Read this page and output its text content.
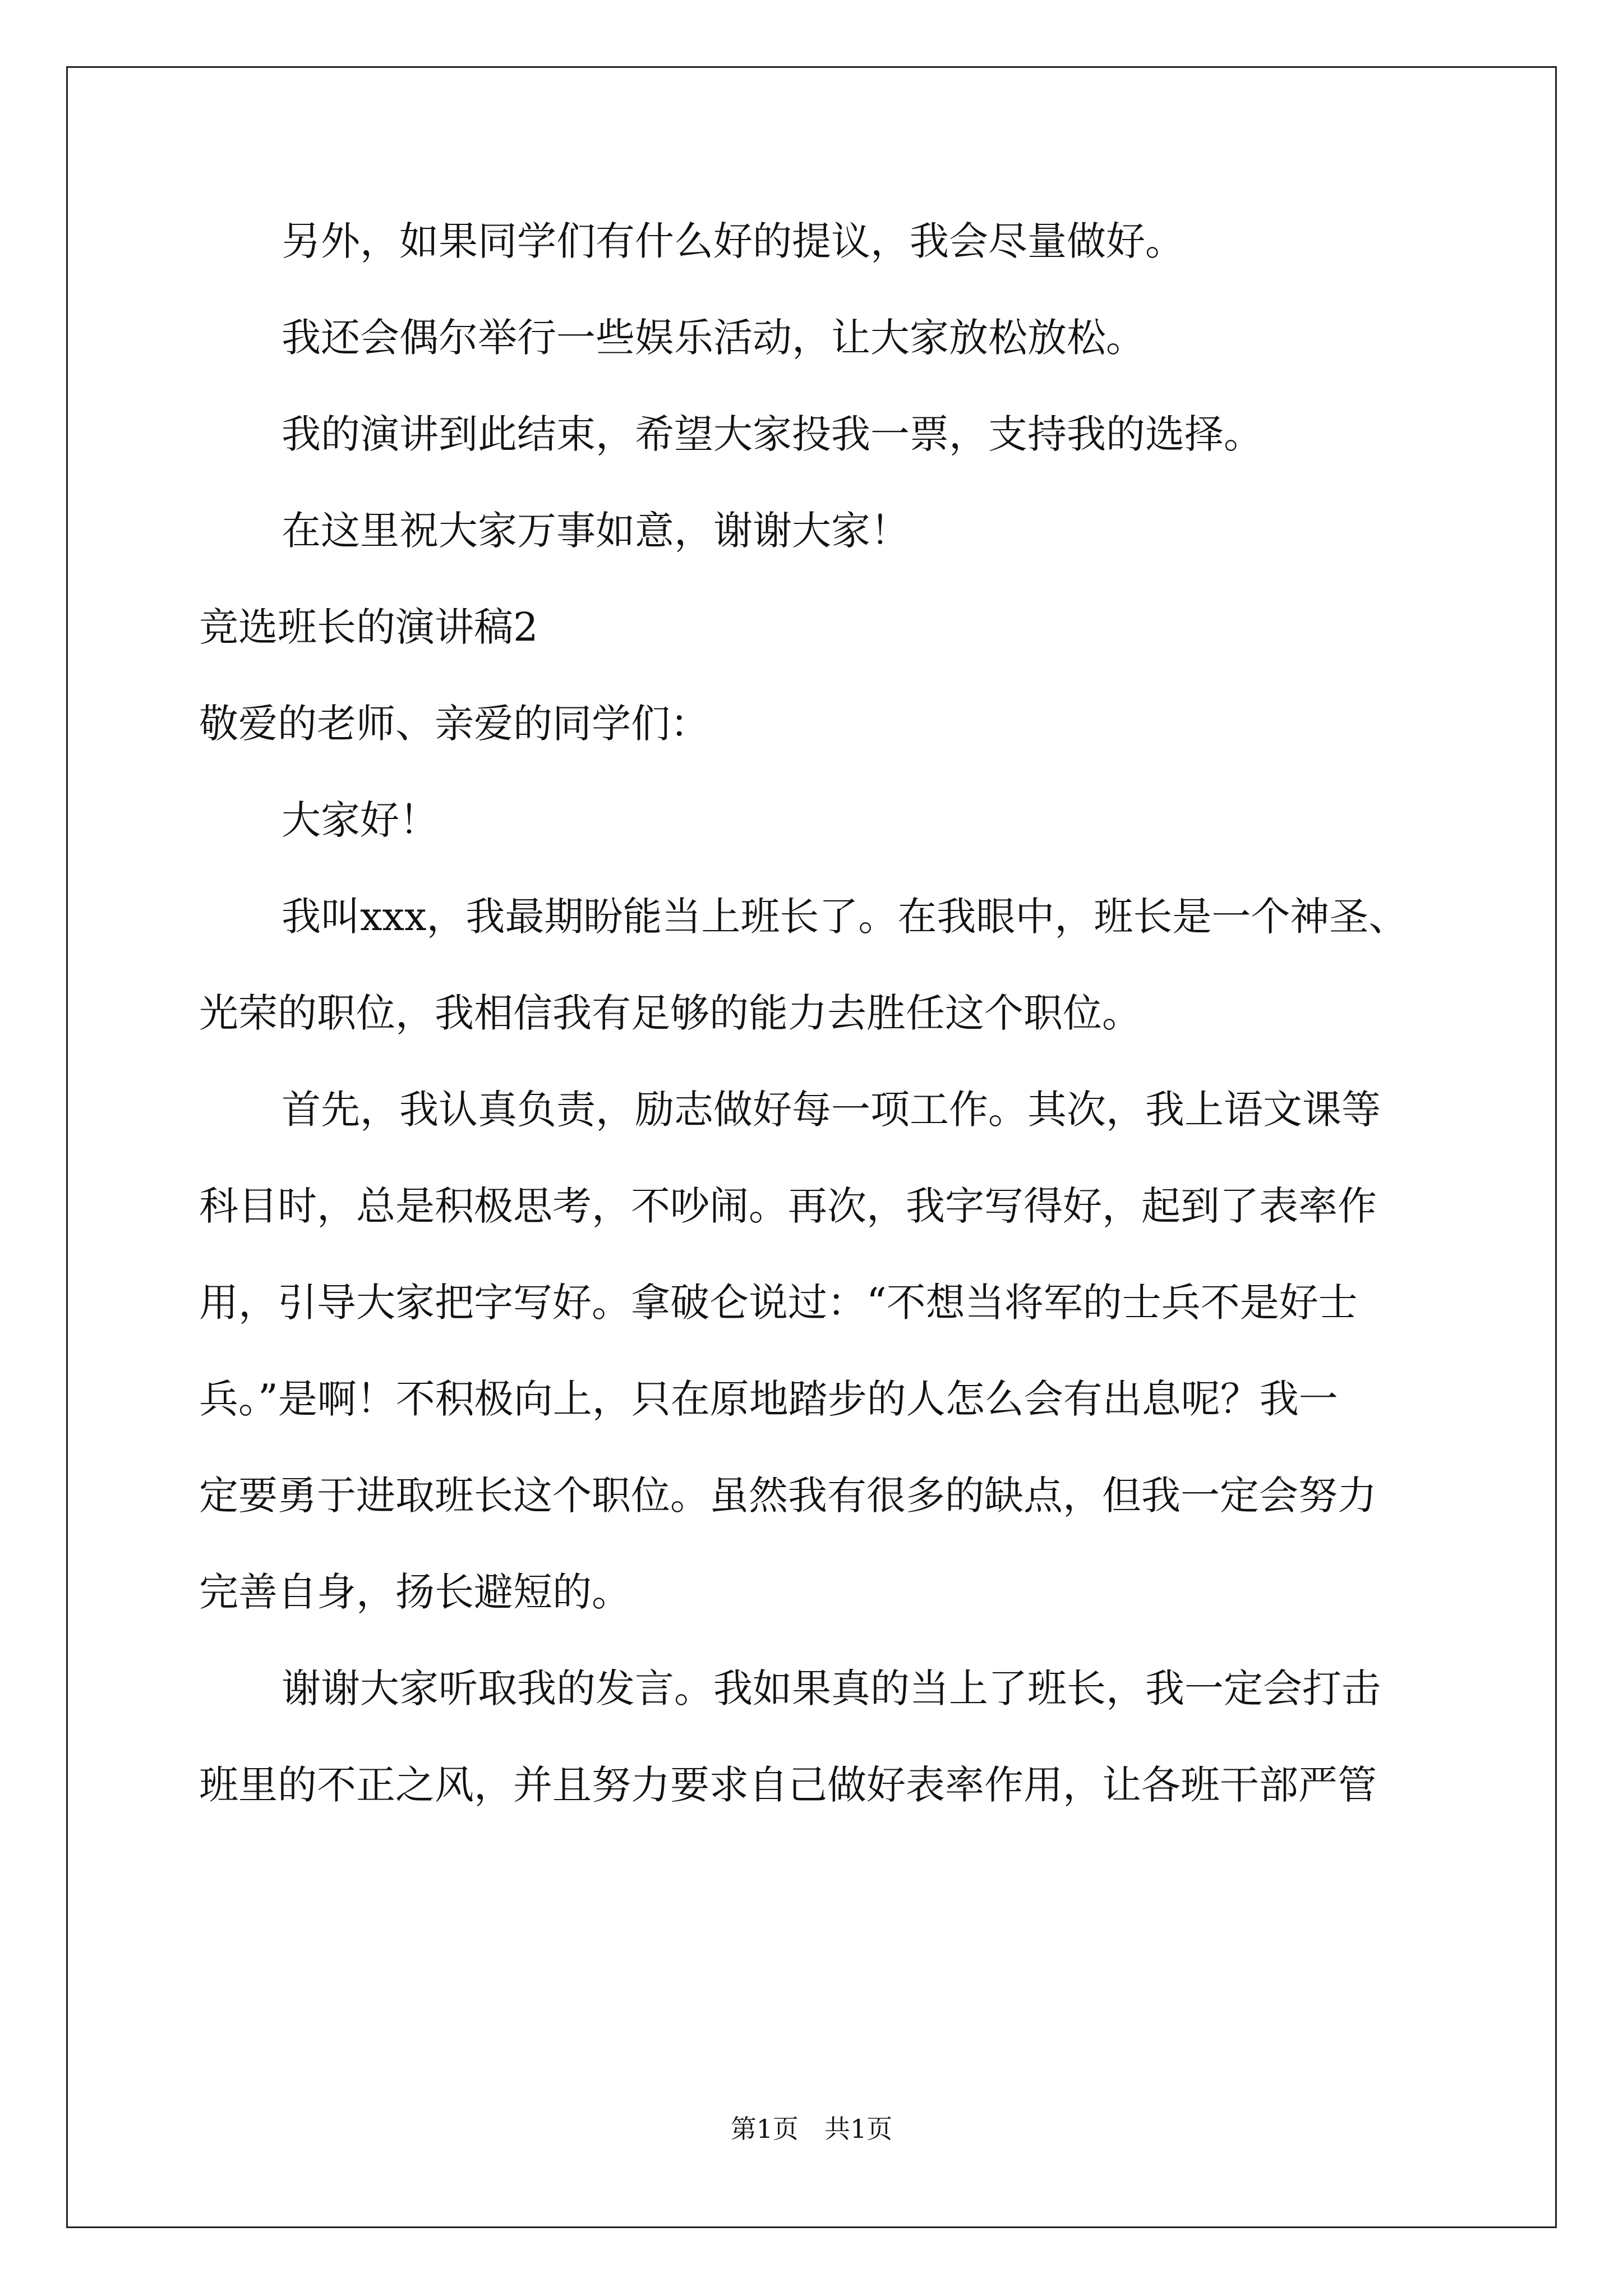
另外，如果同学们有什么好的提议，我会尽量做好。

我还会偶尔举行一些娱乐活动，让大家放松放松。

我的演讲到此结束，希望大家投我一票，支持我的选择。

在这里祝大家万事如意，谢谢大家！

竞选班长的演讲稿2

敬爱的老师、亲爱的同学们：

大家好！

我叫xxx，我最期盼能当上班长了。在我眼中，班长是一个神圣、

光荣的职位，我相信我有足够的能力去胜任这个职位。

首先，我认真负责，励志做好每一项工作。其次，我上语文课等

科目时，总是积极思考，不吵闹。再次，我字写得好，起到了表率作

用，引导大家把字写好。拿破仑说过：“不想当将军的士兵不是好士

兵。”是啊！不积极向上，只在原地踏步的人怎么会有出息呢？我一

定要勇于进取班长这个职位。虽然我有很多的缺点，但我一定会努力

完善自身，扬长避短的。

谢谢大家听取我的发言。我如果真的当上了班长，我一定会打击

班里的不正之风，并且努力要求自己做好表率作用，让各班干部严管

第1页　共1页
